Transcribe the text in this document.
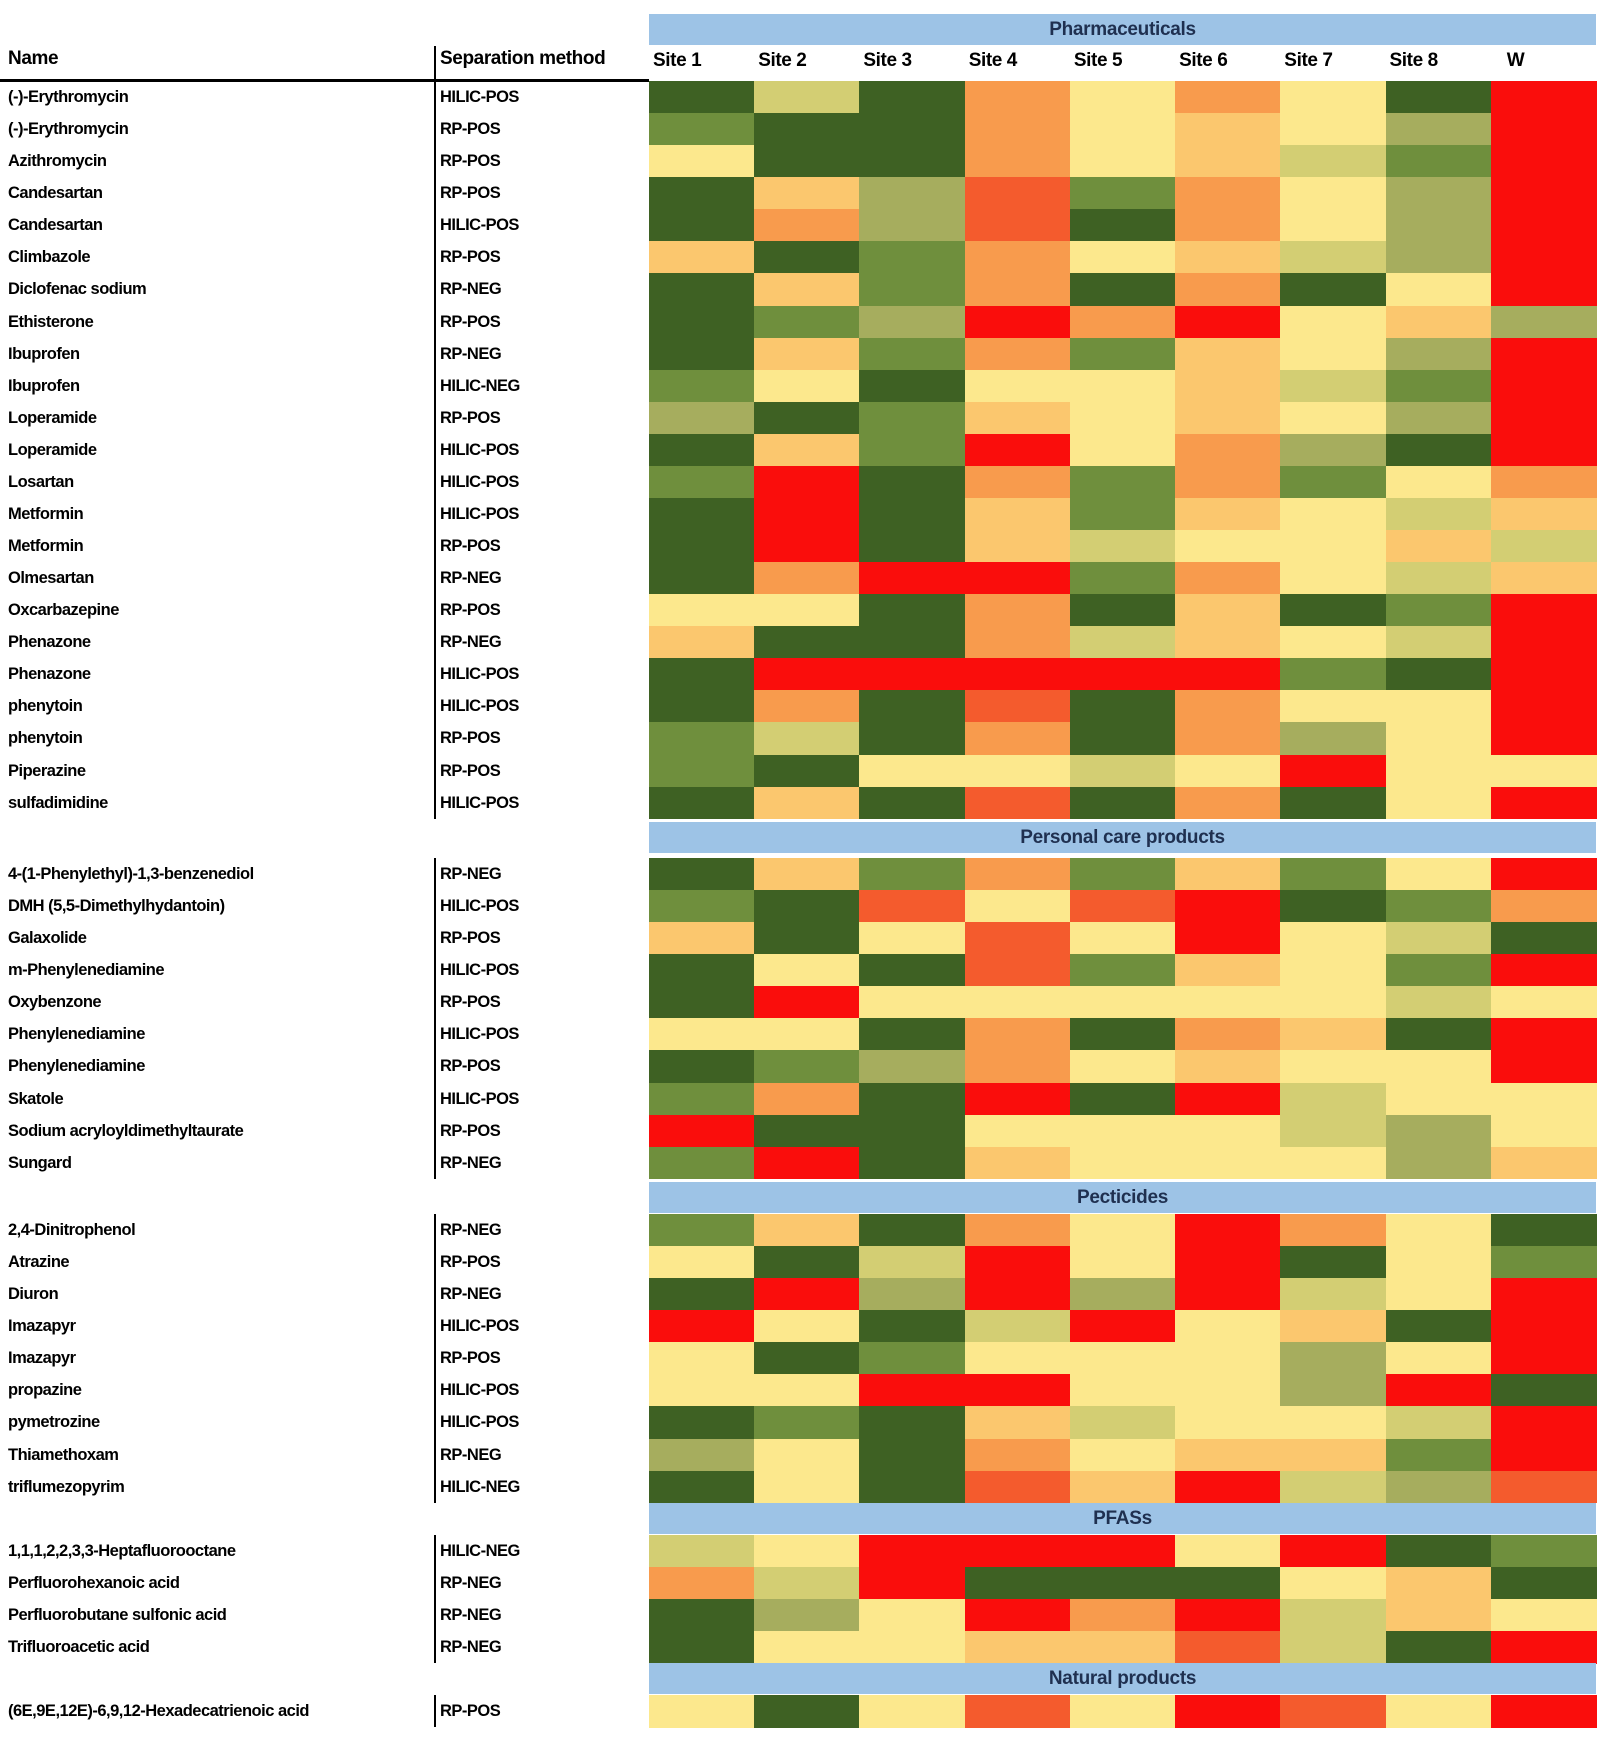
Name	Separation method	Site 1	Site 2	Site 3	Site 4	Site 5	Site 6	Site 7	Site 8	W
Pharmaceuticals
(-)-Erythromycin	HILIC-POS
(-)-Erythromycin	RP-POS
Azithromycin	RP-POS
Candesartan	RP-POS
Candesartan	HILIC-POS
Climbazole	RP-POS
Diclofenac sodium	RP-NEG
Ethisterone	RP-POS
Ibuprofen	RP-NEG
Ibuprofen	HILIC-NEG
Loperamide	RP-POS
Loperamide	HILIC-POS
Losartan	HILIC-POS
Metformin	HILIC-POS
Metformin	RP-POS
Olmesartan	RP-NEG
Oxcarbazepine	RP-POS
Phenazone	RP-NEG
Phenazone	HILIC-POS
phenytoin	HILIC-POS
phenytoin	RP-POS
Piperazine	RP-POS
sulfadimidine	HILIC-POS
Personal care products
4-(1-Phenylethyl)-1,3-benzenediol	RP-NEG
DMH (5,5-Dimethylhydantoin)	HILIC-POS
Galaxolide	RP-POS
m-Phenylenediamine	HILIC-POS
Oxybenzone	RP-POS
Phenylenediamine	HILIC-POS
Phenylenediamine	RP-POS
Skatole	HILIC-POS
Sodium acryloyldimethyltaurate	RP-POS
Sungard	RP-NEG
Pecticides
2,4-Dinitrophenol	RP-NEG
Atrazine	RP-POS
Diuron	RP-NEG
Imazapyr	HILIC-POS
Imazapyr	RP-POS
propazine	HILIC-POS
pymetrozine	HILIC-POS
Thiamethoxam	RP-NEG
triflumezopyrim	HILIC-NEG
PFASs
1,1,1,2,2,3,3-Heptafluorooctane	HILIC-NEG
Perfluorohexanoic acid	RP-NEG
Perfluorobutane sulfonic acid	RP-NEG
Trifluoroacetic acid	RP-NEG
Natural products
(6E,9E,12E)-6,9,12-Hexadecatrienoic acid	RP-POS
